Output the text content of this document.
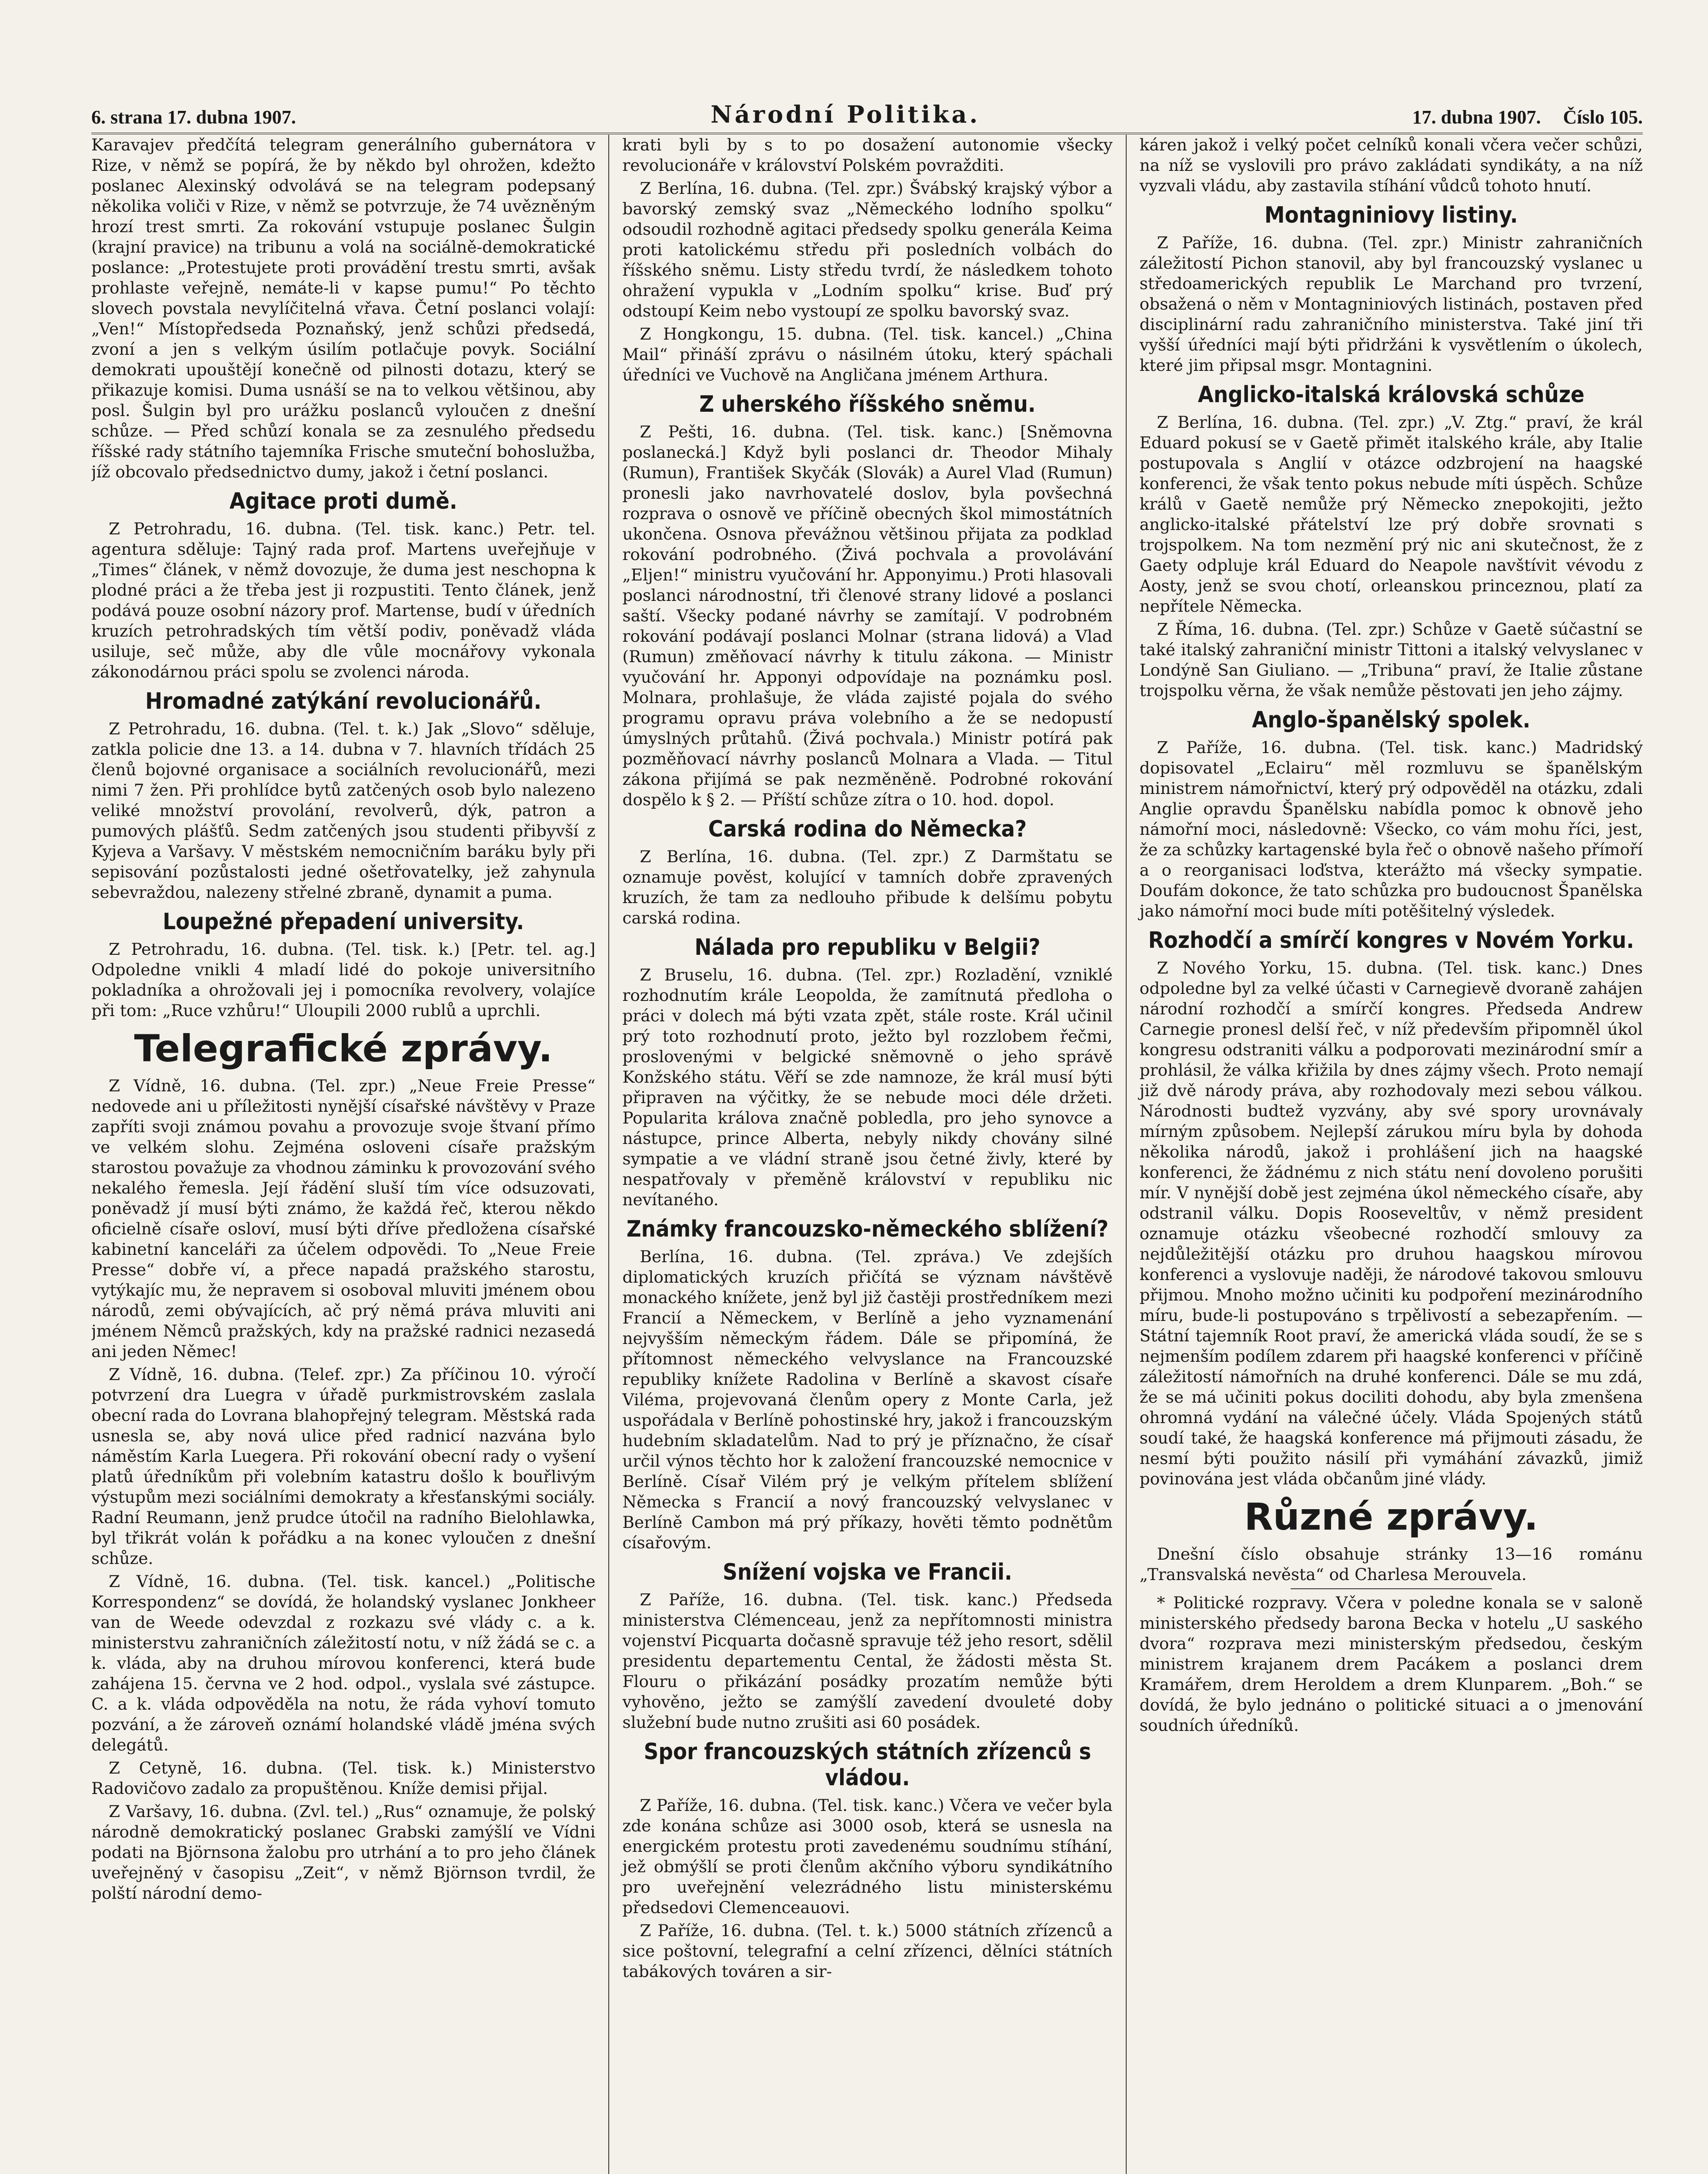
6. strana 17. dubna 1907.	Národní Politika.	17. dubna 1907. Číslo 105.

Karavajev předčítá telegram generálního gubernátora v Rize, v němž se popírá, že by někdo byl ohrožen, kdežto poslanec Alexinský odvolává se na telegram podepsaný několika voliči v Rize, v němž se potvrzuje, že 74 uvězněným hrozí trest smrti. Za rokování vstupuje poslanec Šulgin (krajní pravice) na tribunu a volá na sociálně-demokratické poslance: „Protestujete proti provádění trestu smrti, avšak prohlaste veřejně, nemáte-li v kapse pumu!“ Po těchto slovech povstala nevylíčitelná vřava. Četní poslanci volají: „Ven!“ Místopředseda Poznaňský, jenž schůzi předsedá, zvoní a jen s velkým úsilím potlačuje povyk. Sociální demokrati upouštějí konečně od pilnosti dotazu, který se přikazuje komisi. Duma usnáší se na to velkou většinou, aby posl. Šulgin byl pro urážku poslanců vyloučen z dnešní schůze. — Před schůzí konala se za zesnulého předsedu říšské rady státního tajemníka Frische smuteční bohoslužba, jíž obcovalo předsednictvo dumy, jakož i četní poslanci.

Agitace proti dumě.

Z Petrohradu, 16. dubna. (Tel. tisk. kanc.) Petr. tel. agentura sděluje: Tajný rada prof. Martens uveřejňuje v „Times“ článek, v němž dovozuje, že duma jest neschopna k plodné práci a že třeba jest ji rozpustiti. Tento článek, jenž podává pouze osobní názory prof. Martense, budí v úředních kruzích petrohradských tím větší podiv, poněvadž vláda usiluje, seč může, aby dle vůle mocnářovy vykonala zákonodárnou práci spolu se zvolenci národa.

Hromadné zatýkání revolucionářů.

Z Petrohradu, 16. dubna. (Tel. t. k.) Jak „Slovo“ sděluje, zatkla policie dne 13. a 14. dubna v 7. hlavních třídách 25 členů bojovné organisace a sociálních revolucionářů, mezi nimi 7 žen. Při prohlídce bytů zatčených osob bylo nalezeno veliké množství provolání, revolverů, dýk, patron a pumových plášťů. Sedm zatčených jsou studenti přibyvší z Kyjeva a Varšavy. V městském nemocničním baráku byly při sepisování pozůstalosti jedné ošetřovatelky, jež zahynula sebevraždou, nalezeny střelné zbraně, dynamit a puma.

Loupežné přepadení university.

Z Petrohradu, 16. dubna. (Tel. tisk. k.) [Petr. tel. ag.] Odpoledne vnikli 4 mladí lidé do pokoje universitního pokladníka a ohrožovali jej i pomocníka revolvery, volajíce při tom: „Ruce vzhůru!“ Uloupili 2000 rublů a uprchli.

Telegrafické zprávy.

Z Vídně, 16. dubna. (Tel. zpr.) „Neue Freie Presse“ nedovede ani u příležitosti nynější císařské návštěvy v Praze zapříti svoji známou povahu a provozuje svoje štvaní přímo ve velkém slohu. Zejména osloveni císaře pražským starostou považuje za vhodnou záminku k provozování svého nekalého řemesla. Její řádění sluší tím více odsuzovati, poněvadž jí musí býti známo, že každá řeč, kterou někdo oficielně císaře osloví, musí býti dříve předložena císařské kabinetní kanceláři za účelem odpovědi. To „Neue Freie Presse“ dobře ví, a přece napadá pražského starostu, vytýkajíc mu, že nepravem si osoboval mluviti jménem obou národů, zemi obývajících, ač prý němá práva mluviti ani jménem Němců pražských, kdy na pražské radnici nezasedá ani jeden Němec!

Z Vídně, 16. dubna. (Telef. zpr.) Za příčinou 10. výročí potvrzení dra Luegra v úřadě purkmistrovském zaslala obecní rada do Lovrana blahopřejný telegram. Městská rada usnesla se, aby nová ulice před radnicí nazvána bylo náměstím Karla Luegera. Při rokování obecní rady o vyšení platů úředníkům při volebním katastru došlo k bouřlivým výstupům mezi sociálními demokraty a křesťanskými sociály. Radní Reumann, jenž prudce útočil na radního Bielohlawka, byl třikrát volán k pořádku a na konec vyloučen z dnešní schůze.

Z Vídně, 16. dubna. (Tel. tisk. kancel.) „Politische Korrespondenz“ se dovídá, že holandský vyslanec Jonkheer van de Weede odevzdal z rozkazu své vlády c. a k. ministerstvu zahraničních záležitostí notu, v níž žádá se c. a k. vláda, aby na druhou mírovou konferenci, která bude zahájena 15. června ve 2 hod. odpol., vyslala své zástupce. C. a k. vláda odpověděla na notu, že ráda vyhoví tomuto pozvání, a že zároveň oznámí holandské vládě jména svých delegátů.

Z Cetyně, 16. dubna. (Tel. tisk. k.) Ministerstvo Radovičovo zadalo za propuštěnou. Kníže demisi přijal.

Z Varšavy, 16. dubna. (Zvl. tel.) „Rus“ oznamuje, že polský národně demokratický poslanec Grabski zamýšlí ve Vídni podati na Björnsona žalobu pro utrhání a to pro jeho článek uveřejněný v časopisu „Zeit“, v němž Björnson tvrdil, že polští národní demo-

krati byli by s to po dosažení autonomie všecky revolucionáře v království Polském povražditi.

Z Berlína, 16. dubna. (Tel. zpr.) Švábský krajský výbor a bavorský zemský svaz „Německého lodního spolku“ odsoudil rozhodně agitaci předsedy spolku generála Keima proti katolickému středu při posledních volbách do říšského sněmu. Listy středu tvrdí, že následkem tohoto ohražení vypukla v „Lodním spolku“ krise. Buď prý odstoupí Keim nebo vystoupí ze spolku bavorský svaz.

Z Hongkongu, 15. dubna. (Tel. tisk. kancel.) „China Mail“ přináší zprávu o násilném útoku, který spáchali úředníci ve Vuchově na Angličana jménem Arthura.

Z uherského říšského sněmu.

Z Pešti, 16. dubna. (Tel. tisk. kanc.) [Sněmovna poslanecká.] Když byli poslanci dr. Theodor Mihaly (Rumun), František Skyčák (Slovák) a Aurel Vlad (Rumun) pronesli jako navrhovatelé doslov, byla povšechná rozprava o osnově ve příčině obecných škol mimostátních ukončena. Osnova převážnou většinou přijata za podklad rokování podrobného. (Živá pochvala a provolávání „Eljen!“ ministru vyučování hr. Apponyimu.) Proti hlasovali poslanci národnostní, tři členové strany lidové a poslanci saští. Všecky podané návrhy se zamítají. V podrobném rokování podávají poslanci Molnar (strana lidová) a Vlad (Rumun) změňovací návrhy k titulu zákona. — Ministr vyučování hr. Apponyi odpovídaje na poznámku posl. Molnara, prohlašuje, že vláda zajisté pojala do svého programu opravu práva volebního a že se nedopustí úmyslných průtahů. (Živá pochvala.) Ministr potírá pak pozměňovací návrhy poslanců Molnara a Vlada. — Titul zákona přijímá se pak nezměněně. Podrobné rokování dospělo k § 2. — Příští schůze zítra o 10. hod. dopol.

Carská rodina do Německa?

Z Berlína, 16. dubna. (Tel. zpr.) Z Darmštatu se oznamuje pověst, kolující v tamních dobře zpravených kruzích, že tam za nedlouho přibude k delšímu pobytu carská rodina.

Nálada pro republiku v Belgii?

Z Bruselu, 16. dubna. (Tel. zpr.) Rozladění, vzniklé rozhodnutím krále Leopolda, že zamítnutá předloha o práci v dolech má býti vzata zpět, stále roste. Král učinil prý toto rozhodnutí proto, ježto byl rozzlobem řečmi, proslovenými v belgické sněmovně o jeho správě Konžského státu. Věří se zde namnoze, že král musí býti připraven na výčitky, že se nebude moci déle držeti. Popularita králova značně pobledla, pro jeho synovce a nástupce, prince Alberta, nebyly nikdy chovány silné sympatie a ve vládní straně jsou četné živly, které by nespatřovaly v přeměně království v republiku nic nevítaného.

Známky francouzsko-německého sblížení?

Berlína, 16. dubna. (Tel. zpráva.) Ve zdejších diplomatických kruzích přičítá se význam návštěvě monackého knížete, jenž byl již častěji prostředníkem mezi Francií a Německem, v Berlíně a jeho vyznamenání nejvyšším německým řádem. Dále se připomíná, že přítomnost německého velvyslance na Francouzské republiky knížete Radolina v Berlíně a skavost císaře Viléma, projevovaná členům opery z Monte Carla, jež uspořádala v Berlíně pohostinské hry, jakož i francouzským hudebním skladatelům. Nad to prý je příznačno, že císař určil výnos těchto hor k založení francouzské nemocnice v Berlíně. Císař Vilém prý je velkým přítelem sblížení Německa s Francií a nový francouzský velvyslanec v Berlíně Cambon má prý příkazy, hověti těmto podnětům císařovým.

Snížení vojska ve Francii.

Z Paříže, 16. dubna. (Tel. tisk. kanc.) Předseda ministerstva Clémenceau, jenž za nepřítomnosti ministra vojenství Picquarta dočasně spravuje též jeho resort, sdělil presidentu departementu Cental, že žádosti města St. Flouru o přikázání posádky prozatím nemůže býti vyhověno, ježto se zamýšlí zavedení dvouleté doby služební bude nutno zrušiti asi 60 posádek.

Spor francouzských státních zřízenců s vládou.

Z Paříže, 16. dubna. (Tel. tisk. kanc.) Včera ve večer byla zde konána schůze asi 3000 osob, která se usnesla na energickém protestu proti zavedenému soudnímu stíhání, jež obmýšlí se proti členům akčního výboru syndikátního pro uveřejnění velezrádného listu ministerskému předsedovi Clemenceauovi.

Z Paříže, 16. dubna. (Tel. t. k.) 5000 státních zřízenců a sice poštovní, telegrafní a celní zřízenci, dělníci státních tabákových továren a sir-

káren jakož i velký počet celníků konali včera večer schůzi, na níž se vyslovili pro právo zakládati syndikáty, a na níž vyzvali vládu, aby zastavila stíhání vůdců tohoto hnutí.

Montagniniovy listiny.

Z Paříže, 16. dubna. (Tel. zpr.) Ministr zahraničních záležitostí Pichon stanovil, aby byl francouzský vyslanec u středoamerických republik Le Marchand pro tvrzení, obsažená o něm v Montagniniových listinách, postaven před disciplinární radu zahraničního ministerstva. Také jiní tři vyšší úředníci mají býti přidržáni k vysvětlením o úkolech, které jim připsal msgr. Montagnini.

Anglicko-italská královská schůze

Z Berlína, 16. dubna. (Tel. zpr.) „V. Ztg.“ praví, že král Eduard pokusí se v Gaetě přimět italského krále, aby Italie postupovala s Anglií v otázce odzbrojení na haagské konferenci, že však tento pokus nebude míti úspěch. Schůze králů v Gaetě nemůže prý Německo znepokojiti, ježto anglicko-italské přátelství lze prý dobře srovnati s trojspolkem. Na tom nezmění prý nic ani skutečnost, že z Gaety odpluje král Eduard do Neapole navštívit vévodu z Aosty, jenž se svou chotí, orleanskou princeznou, platí za nepřítele Německa.

Z Říma, 16. dubna. (Tel. zpr.) Schůze v Gaetě súčastní se také italský zahraniční ministr Tittoni a italský velvyslanec v Londýně San Giuliano. — „Tribuna“ praví, že Italie zůstane trojspolku věrna, že však nemůže pěstovati jen jeho zájmy.

Anglo-španělský spolek.

Z Paříže, 16. dubna. (Tel. tisk. kanc.) Madridský dopisovatel „Eclairu“ měl rozmluvu se španělským ministrem námořnictví, který prý odpověděl na otázku, zdali Anglie opravdu Španělsku nabídla pomoc k obnově jeho námořní moci, následovně: Všecko, co vám mohu říci, jest, že za schůzky kartagenské byla řeč o obnově našeho přímoří a o reorganisaci loďstva, kterážto má všecky sympatie. Doufám dokonce, že tato schůzka pro budoucnost Španělska jako námořní moci bude míti potěšitelný výsledek.

Rozhodčí a smírčí kongres v Novém Yorku.

Z Nového Yorku, 15. dubna. (Tel. tisk. kanc.) Dnes odpoledne byl za velké účasti v Carnegievě dvoraně zahájen národní rozhodčí a smírčí kongres. Předseda Andrew Carnegie pronesl delší řeč, v níž především připomněl úkol kongresu odstraniti válku a podporovati mezinárodní smír a prohlásil, že válka křižila by dnes zájmy všech. Proto nemají již dvě národy práva, aby rozhodovaly mezi sebou válkou. Národnosti budtež vyzvány, aby své spory urovnávaly mírným způsobem. Nejlepší zárukou míru byla by dohoda několika národů, jakož i prohlášení jich na haagské konferenci, že žádnému z nich státu není dovoleno porušiti mír. V nynější době jest zejména úkol německého císaře, aby odstranil válku. Dopis Rooseveltův, v němž president oznamuje otázku všeobecné rozhodčí smlouvy za nejdůležitější otázku pro druhou haagskou mírovou konferenci a vyslovuje naději, že národové takovou smlouvu přijmou. Mnoho možno učiniti ku podpoření mezinárodního míru, bude-li postupováno s trpělivostí a sebezapřením. — Státní tajemník Root praví, že americká vláda soudí, že se s nejmenším podílem zdarem při haagské konferenci v příčině záležitostí námořních na druhé konferenci. Dále se mu zdá, že se má učiniti pokus dociliti dohodu, aby byla zmenšena ohromná vydání na válečné účely. Vláda Spojených států soudí také, že haagská konference má přijmouti zásadu, že nesmí býti použito násilí při vymáhání závazků, jimiž povinována jest vláda občanům jiné vlády.

Různé zprávy.

Dnešní číslo obsahuje stránky 13—16 románu „Transvalská nevěsta“ od Charlesa Merouvela.

* Politické rozpravy. Včera v poledne konala se v saloně ministerského předsedy barona Becka v hotelu „U saského dvora“ rozprava mezi ministerským předsedou, českým ministrem krajanem drem Pacákem a poslanci drem Kramářem, drem Heroldem a drem Klunparem. „Boh.“ se dovídá, že bylo jednáno o politické situaci a o jmenování soudních úředníků.
